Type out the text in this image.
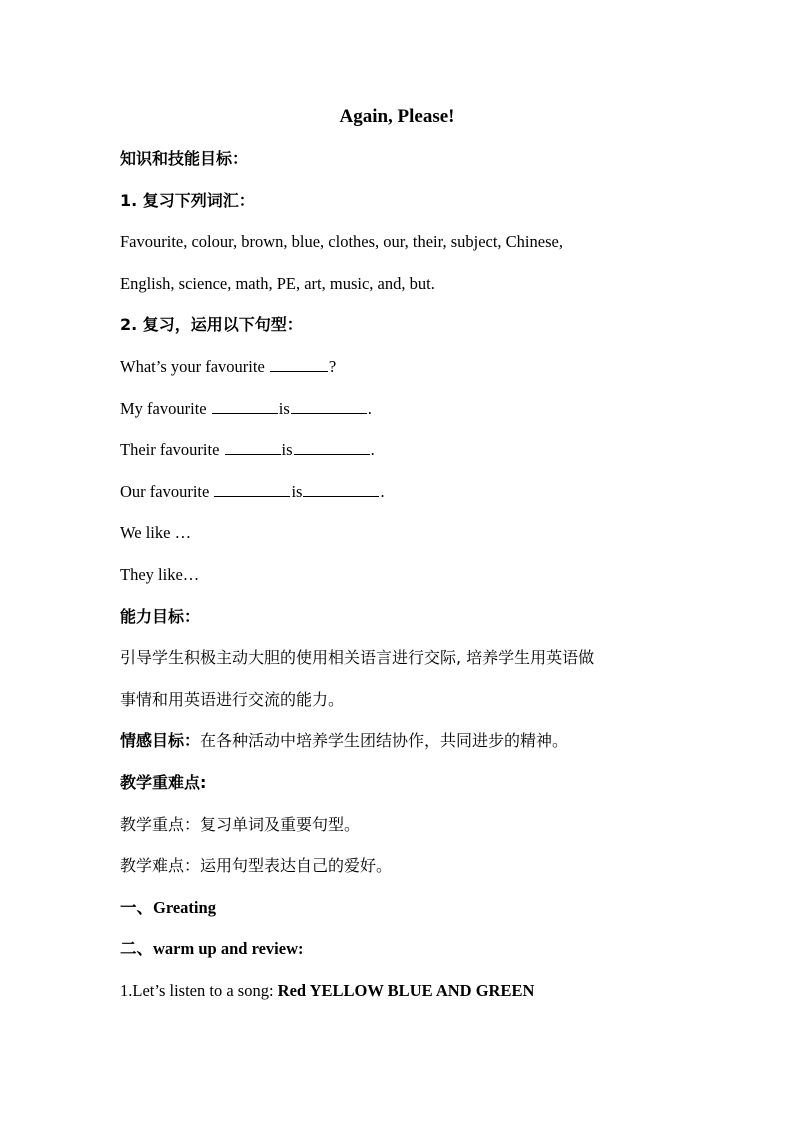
Again, Please!
知识和技能目标：
1. 复习下列词汇：
Favourite, colour, brown, blue, clothes, our, their, subject, Chinese,
English, science, math, PE, art, music, and, but.
2. 复习，运用以下句型：
What’s your favourite	?
My favourite	is	.
Their favourite	is	.
Our favourite	is	.
We like …
They like…
能力目标：
引导学生积极主动大胆的使用相关语言进行交际, 培养学生用英语做
事情和用英语进行交流的能力。
情感目标：在各种活动中培养学生团结协作，共同进步的精神。
教学重难点:
教学重点：复习单词及重要句型。
教学难点：运用句型表达自己的爱好。
一、Greating
二、warm up and review:
1.Let’s listen to a song: Red YELLOW BLUE AND GREEN
